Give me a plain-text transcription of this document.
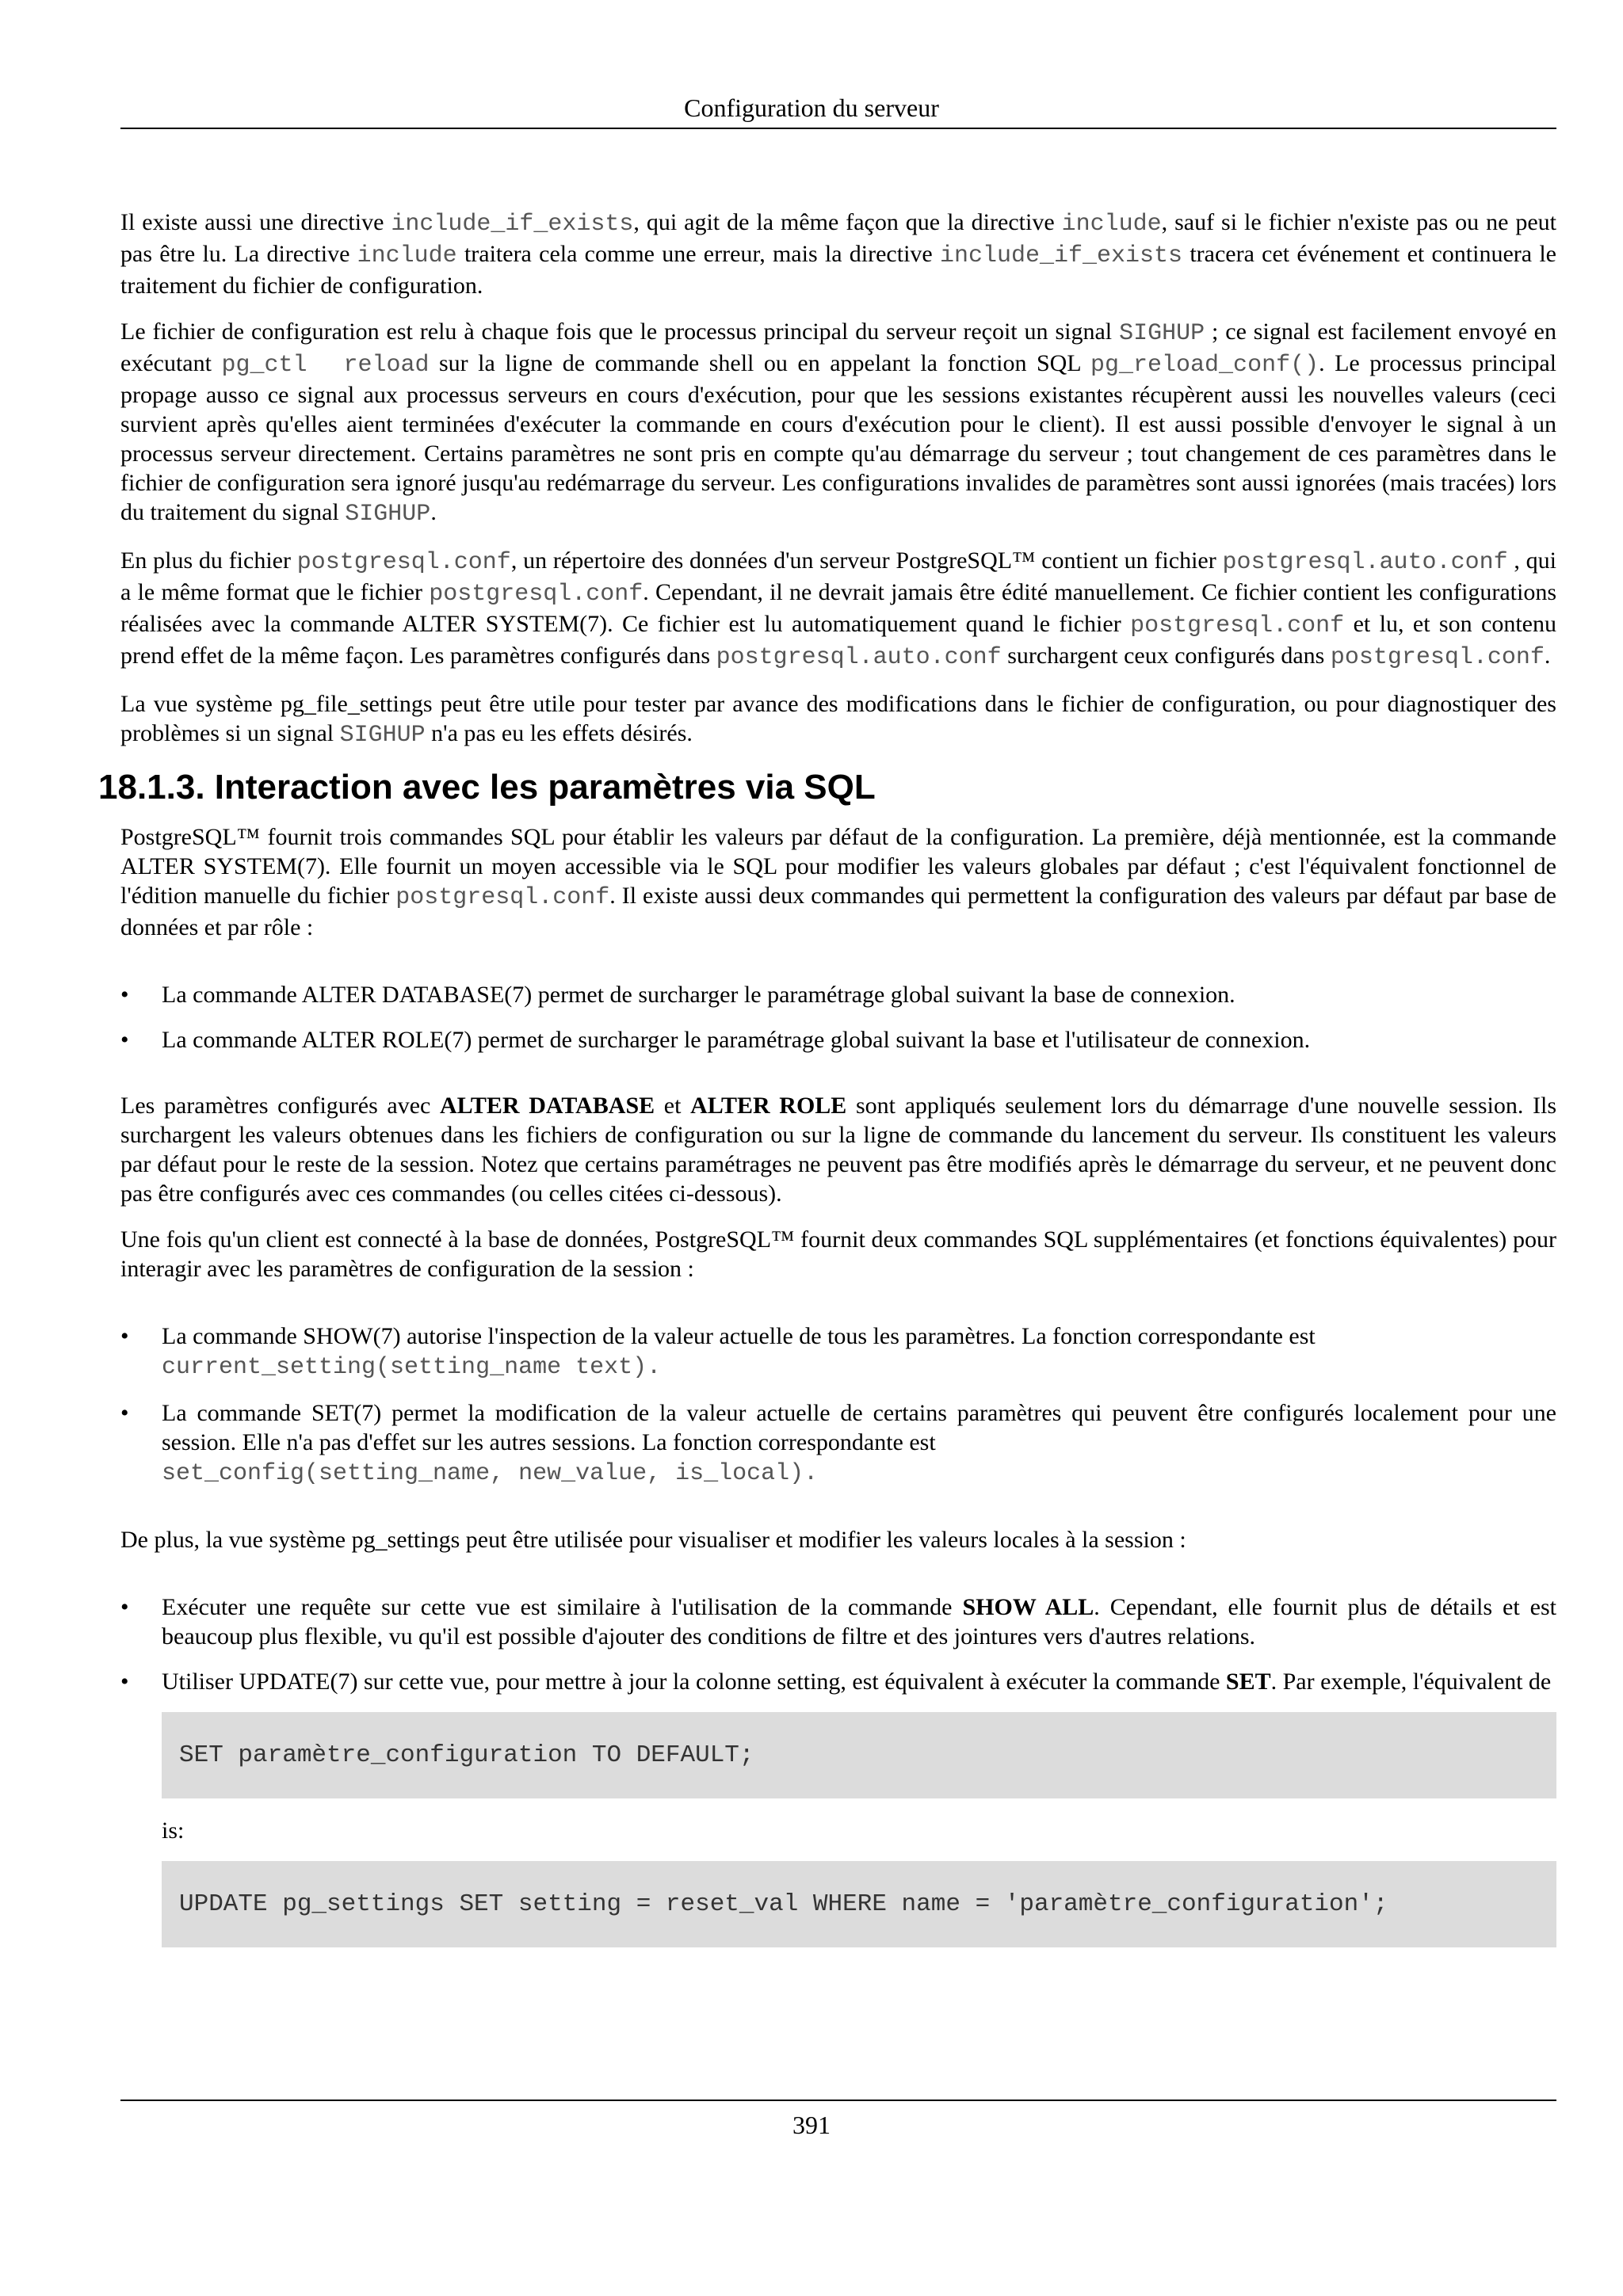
Configuration du serveur

Il existe aussi une directive include_if_exists, qui agit de la même façon que la directive include, sauf si le fichier n'existe pas ou ne peut pas être lu. La directive include traitera cela comme une erreur, mais la directive include_if_exists tracera cet événement et continuera le traitement du fichier de configuration.

Le fichier de configuration est relu à chaque fois que le processus principal du serveur reçoit un signal SIGHUP ; ce signal est facilement envoyé en exécutant pg_ctl  reload sur la ligne de commande shell ou en appelant la fonction SQL pg_reload_conf(). Le processus principal propage ausso ce signal aux processus serveurs en cours d'exécution, pour que les sessions existantes récupèrent aussi les nouvelles valeurs (ceci survient après qu'elles aient terminées d'exécuter la commande en cours d'exécution pour le client). Il est aussi possible d'envoyer le signal à un processus serveur directement. Certains paramètres ne sont pris en compte qu'au démarrage du serveur ; tout changement de ces paramètres dans le fichier de configuration sera ignoré jusqu'au redémarrage du serveur. Les configurations invalides de paramètres sont aussi ignorées (mais tracées) lors du traitement du signal SIGHUP.

En plus du fichier postgresql.conf, un répertoire des données d'un serveur PostgreSQL™ contient un fichier postgresql.auto.conf , qui a le même format que le fichier postgresql.conf. Cependant, il ne devrait jamais être édité manuellement. Ce fichier contient les configurations réalisées avec la commande ALTER SYSTEM(7). Ce fichier est lu automatiquement quand le fichier postgresql.conf et lu, et son contenu prend effet de la même façon. Les paramètres configurés dans postgresql.auto.conf surchargent ceux configurés dans postgresql.conf.

La vue système pg_file_settings peut être utile pour tester par avance des modifications dans le fichier de configuration, ou pour diagnostiquer des problèmes si un signal SIGHUP n'a pas eu les effets désirés.

18.1.3. Interaction avec les paramètres via SQL

PostgreSQL™ fournit trois commandes SQL pour établir les valeurs par défaut de la configuration. La première, déjà mentionnée, est la commande ALTER SYSTEM(7). Elle fournit un moyen accessible via le SQL pour modifier les valeurs globales par défaut ; c'est l'équivalent fonctionnel de l'édition manuelle du fichier postgresql.conf. Il existe aussi deux commandes qui permettent la configuration des valeurs par défaut par base de données et par rôle :

• La commande ALTER DATABASE(7) permet de surcharger le paramétrage global suivant la base de connexion.
• La commande ALTER ROLE(7) permet de surcharger le paramétrage global suivant la base et l'utilisateur de connexion.

Les paramètres configurés avec ALTER DATABASE et ALTER ROLE sont appliqués seulement lors du démarrage d'une nouvelle session. Ils surchargent les valeurs obtenues dans les fichiers de configuration ou sur la ligne de commande du lancement du serveur. Ils constituent les valeurs par défaut pour le reste de la session. Notez que certains paramétrages ne peuvent pas être modifiés après le démarrage du serveur, et ne peuvent donc pas être configurés avec ces commandes (ou celles citées ci-dessous).

Une fois qu'un client est connecté à la base de données, PostgreSQL™ fournit deux commandes SQL supplémentaires (et fonctions équivalentes) pour interagir avec les paramètres de configuration de la session :

• La commande SHOW(7) autorise l'inspection de la valeur actuelle de tous les paramètres. La fonction correspondante est
current_setting(setting_name text).
• La commande SET(7) permet la modification de la valeur actuelle de certains paramètres qui peuvent être configurés localement pour une session. Elle n'a pas d'effet sur les autres sessions. La fonction correspondante est
set_config(setting_name, new_value, is_local).

De plus, la vue système pg_settings peut être utilisée pour visualiser et modifier les valeurs locales à la session :

• Exécuter une requête sur cette vue est similaire à l'utilisation de la commande SHOW ALL. Cependant, elle fournit plus de détails et est beaucoup plus flexible, vu qu'il est possible d'ajouter des conditions de filtre et des jointures vers d'autres relations.
• Utiliser UPDATE(7) sur cette vue, pour mettre à jour la colonne setting, est équivalent à exécuter la commande SET. Par exemple, l'équivalent de
SET paramètre_configuration TO DEFAULT;
is:
UPDATE pg_settings SET setting = reset_val WHERE name = 'paramètre_configuration';
391
